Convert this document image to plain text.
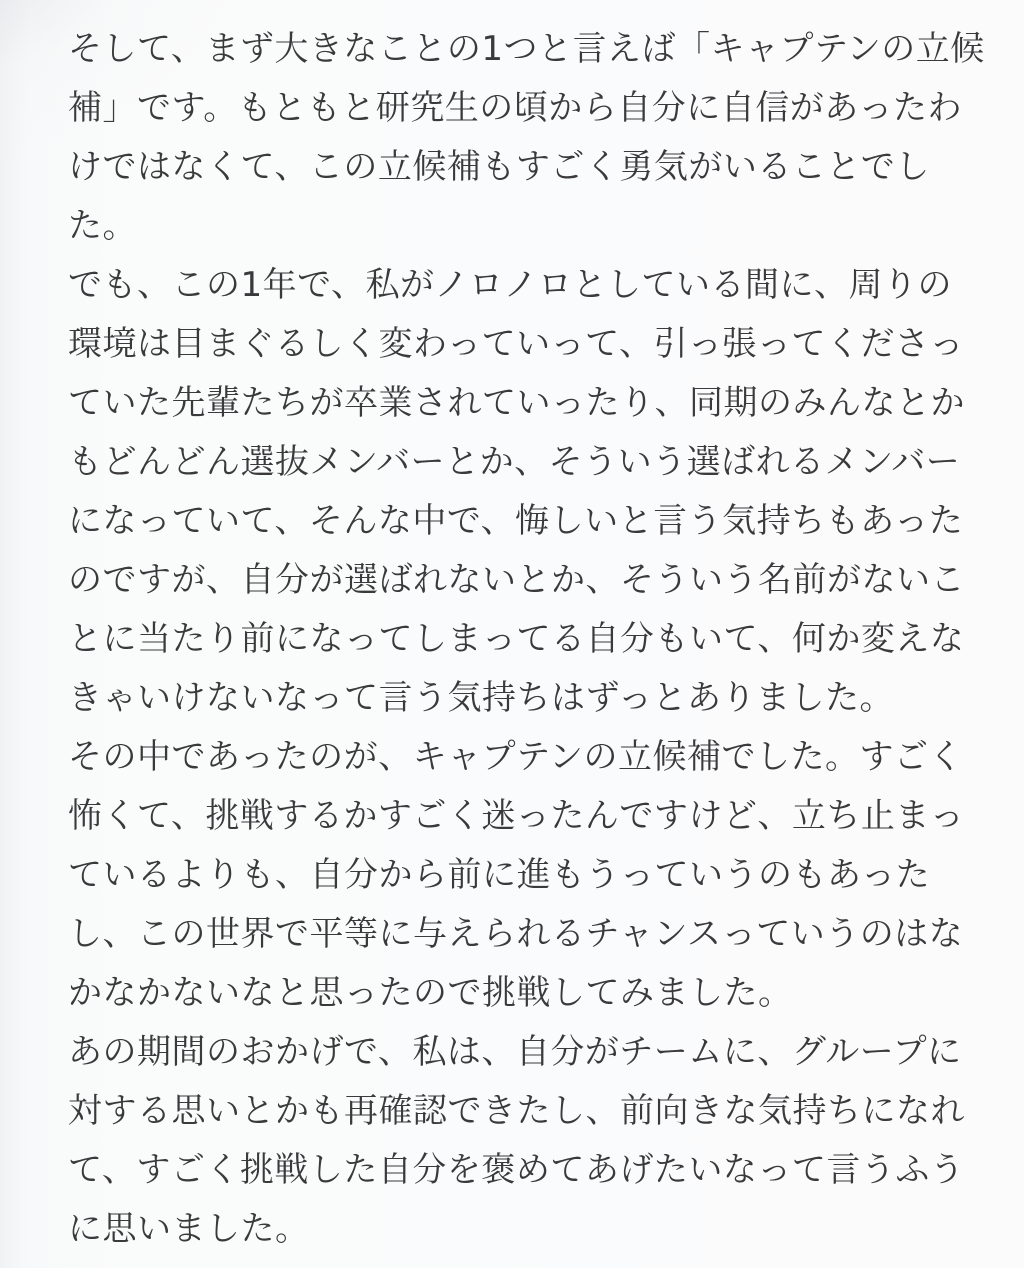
そして、まず大きなことの1つと言えば「キャプテンの立候
補」です。もともと研究生の頃から自分に自信があったわ
けではなくて、この立候補もすごく勇気がいることでし
た。
でも、この1年で、私がノロノロとしている間に、周りの
環境は目まぐるしく変わっていって、引っ張ってくださっ
ていた先輩たちが卒業されていったり、同期のみんなとか
もどんどん選抜メンバーとか、そういう選ばれるメンバー
になっていて、そんな中で、悔しいと言う気持ちもあった
のですが、自分が選ばれないとか、そういう名前がないこ
とに当たり前になってしまってる自分もいて、何か変えな
きゃいけないなって言う気持ちはずっとありました。
その中であったのが、キャプテンの立候補でした。すごく
怖くて、挑戦するかすごく迷ったんですけど、立ち止まっ
ているよりも、自分から前に進もうっていうのもあった
し、この世界で平等に与えられるチャンスっていうのはな
かなかないなと思ったので挑戦してみました。
あの期間のおかげで、私は、自分がチームに、グループに
対する思いとかも再確認できたし、前向きな気持ちになれ
て、すごく挑戦した自分を褒めてあげたいなって言うふう
に思いました。
